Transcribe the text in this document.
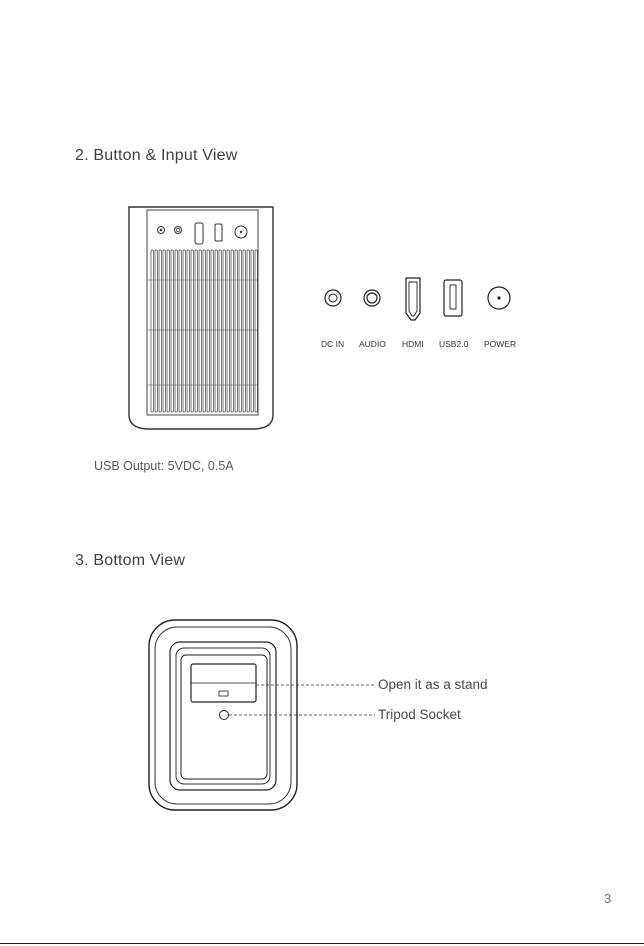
2. Button & Input View
DC IN AUDIO HDMI USB2.0 POWER
USB Output: 5VDC, 0.5A
3. Bottom View
Open it as a stand
Tripod Socket
3
